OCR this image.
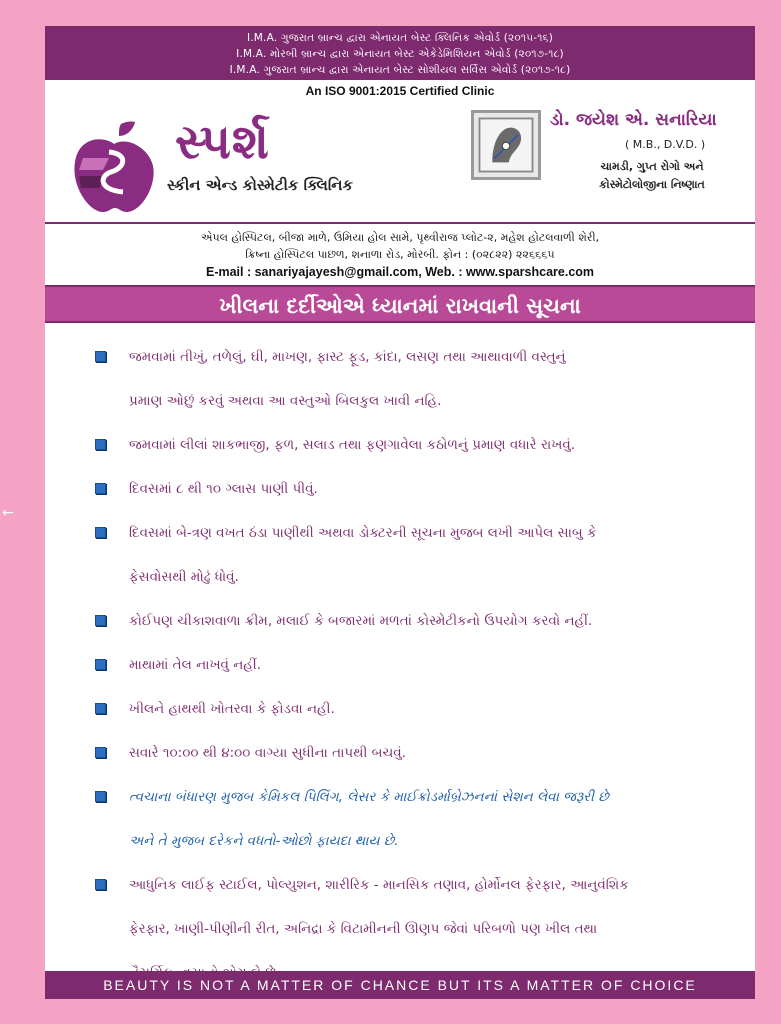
←
I.M.A. ગુજરાત બ્રાન્ચ દ્વારા એનાયત બેસ્ટ ક્લિનિક એવોર્ડ (૨૦૧૫-૧૬)
I.M.A. મોરબી બ્રાન્ચ દ્વારા એનાયત બેસ્ટ એકેડેમિશિયન એવોર્ડ (૨૦૧૭-૧૮)
I.M.A. ગુજરાત બ્રાન્ચ દ્વારા એનાયત બેસ્ટ સોશીયલ સર્વિસ એવોર્ડ (૨૦૧૭-૧૮)
An ISO 9001:2015 Certified Clinic
સ્પર્શ
સ્કીન એન્ડ કોસ્મેટીક ક્લિનિક
ડો. જયેશ એ. સનારિયા
( M.B., D.V.D. )
ચામડી, ગુપ્ત રોગો અને
કોસ્મેટોલોજીના નિષ્ણાત
એપલ હોસ્પિટલ, બીજા માળે, ઉમિયા હોલ સામે, પૃથ્વીરાજ પ્લોટ-૨, મહેશ હોટલવાળી શેરી,
ક્રિષ્ના હોસ્પિટલ પાછળ, શનાળા રોડ, મોરબી. ફોન : (૦૨૮૨૨) ૨૨૬૬૬૫
E-mail : sanariyajayesh@gmail.com, Web. : www.sparshcare.com
ખીલના દર્દીઓએ ધ્યાનમાં રાખવાની સૂચના
જમવામાં તીખું, તળેલું, ઘી, માખણ, ફાસ્ટ ફૂડ, કાંદા, લસણ તથા આથાવાળી વસ્તુનું
પ્રમાણ ઓછું કરવું અથવા આ વસ્તુઓ બિલકુલ ખાવી નહિ.
જમવામાં લીલાં શાકભાજી, ફળ, સલાડ તથા ફણગાવેલા કઠોળનું પ્રમાણ વધારે રાખવું.
દિવસમાં ૮ થી ૧૦ ગ્લાસ પાણી પીવું.
દિવસમાં બે-ત્રણ વખત ઠંડા પાણીથી અથવા ડોક્ટરની સૂચના મુજબ લખી આપેલ સાબુ કે
ફેસવોસથી મોઢું ધોવું.
કોઈપણ ચીકાશવાળા ક્રીમ, મલાઈ કે બજારમાં મળતાં કોસ્મેટીકનો ઉપયોગ કરવો નહીં.
માથામાં તેલ નાખવું નહીં.
ખીલને હાથથી ખોતરવા કે ફોડવા નહી.
સવારે ૧૦:૦૦ થી ૪:૦૦ વાગ્યા સુધીના તાપથી બચવું.
ત્વચાના બંધારણ મુજબ કેમિકલ પિલિંગ, લેસર કે માઈક્રોડર્માબ્રેઝનનાં સેશન લેવા જરૂરી છે
અને તે મુજબ દરેકને વધતો-ઓછો ફાયદા થાય છે.
આધુનિક લાઈફ સ્ટાઈલ, પોલ્યુશન, શારીરિક - માનસિક તણાવ, હોર્મોનલ ફેરફાર, આનુવંશિક
ફેરફાર, ખાણી-પીણીની રીત, અનિદ્રા કે વિટામીનની ઊણપ જેવાં પરિબળો પણ ખીલ તથા
BEAUTY IS NOT A MATTER OF CHANCE BUT ITS A MATTER OF CHOICE
